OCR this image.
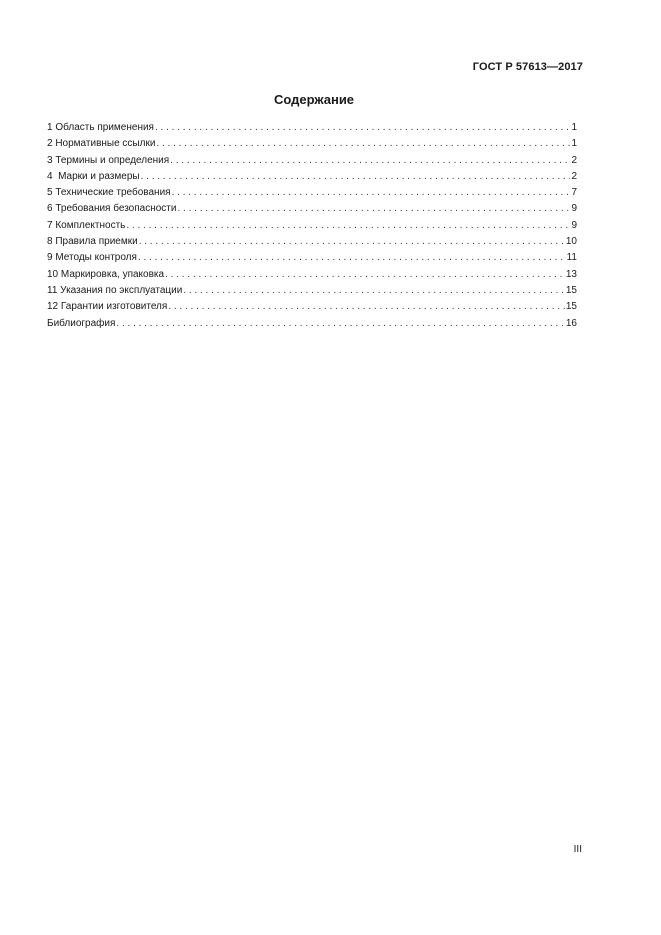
ГОСТ Р 57613—2017
Содержание
1 Область применения . . .	1
2 Нормативные ссылки . . .	1
3 Термины и определения . . .	2
4  Марки и размеры . . .	2
5 Технические требования . . .	7
6 Требования безопасности . . .	9
7 Комплектность . . .	9
8 Правила приемки . . .	10
9 Методы контроля . . .	11
10 Маркировка, упаковка . . .	13
11 Указания по эксплуатации . . .	15
12 Гарантии изготовителя . . .	15
Библиография . . .	16
III
